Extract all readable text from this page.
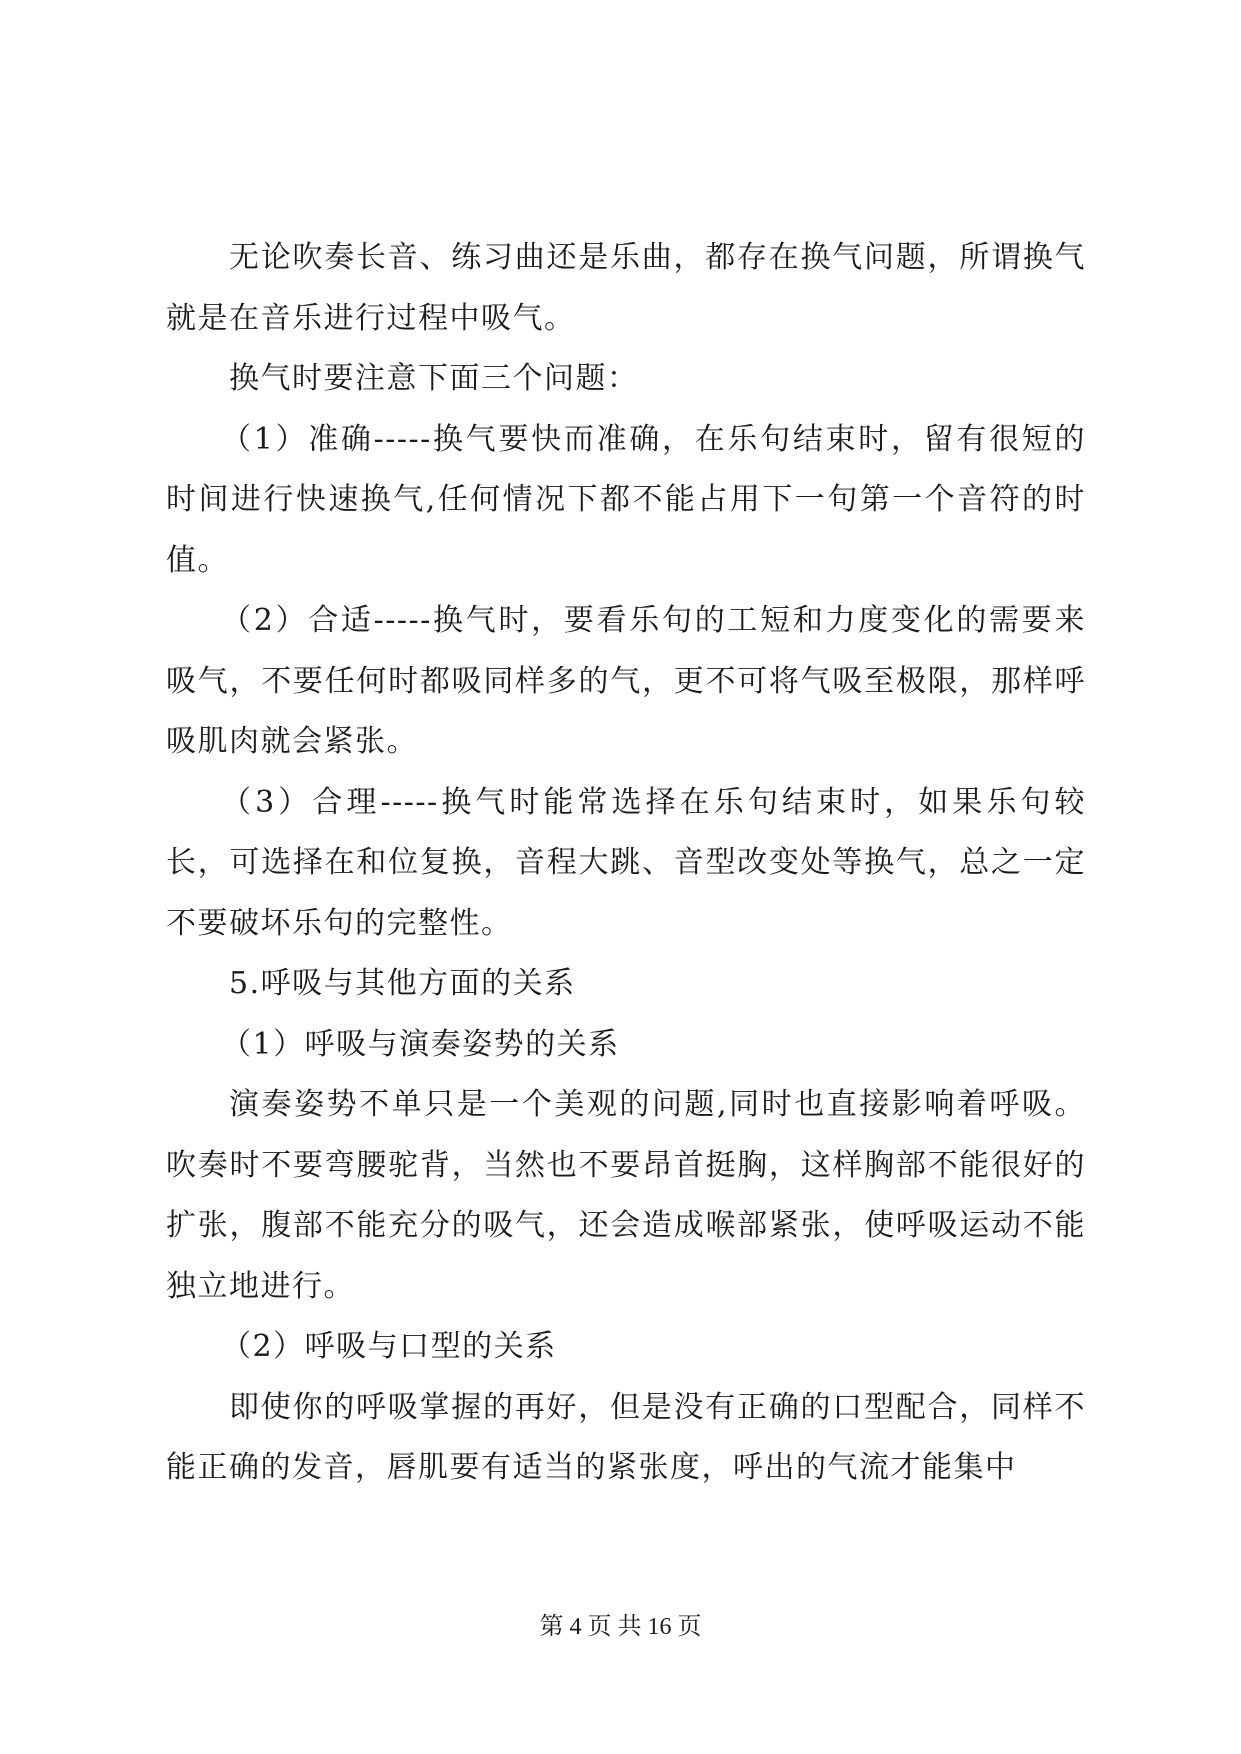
无论吹奏长音、练习曲还是乐曲，都存在换气问题，所谓换气就是在音乐进行过程中吸气。

换气时要注意下面三个问题：

（1）准确-----换气要快而准确，在乐句结束时，留有很短的时间进行快速换气,任何情况下都不能占用下一句第一个音符的时值。

（2）合适-----换气时，要看乐句的工短和力度变化的需要来吸气，不要任何时都吸同样多的气，更不可将气吸至极限，那样呼吸肌肉就会紧张。

（3）合理-----换气时能常选择在乐句结束时，如果乐句较长，可选择在和位复换，音程大跳、音型改变处等换气，总之一定不要破坏乐句的完整性。

5.呼吸与其他方面的关系

（1）呼吸与演奏姿势的关系

演奏姿势不单只是一个美观的问题,同时也直接影响着呼吸。吹奏时不要弯腰驼背，当然也不要昂首挺胸，这样胸部不能很好的扩张，腹部不能充分的吸气，还会造成喉部紧张，使呼吸运动不能独立地进行。

（2）呼吸与口型的关系

即使你的呼吸掌握的再好，但是没有正确的口型配合，同样不能正确的发音，唇肌要有适当的紧张度，呼出的气流才能集中

第 4 页 共 16 页
